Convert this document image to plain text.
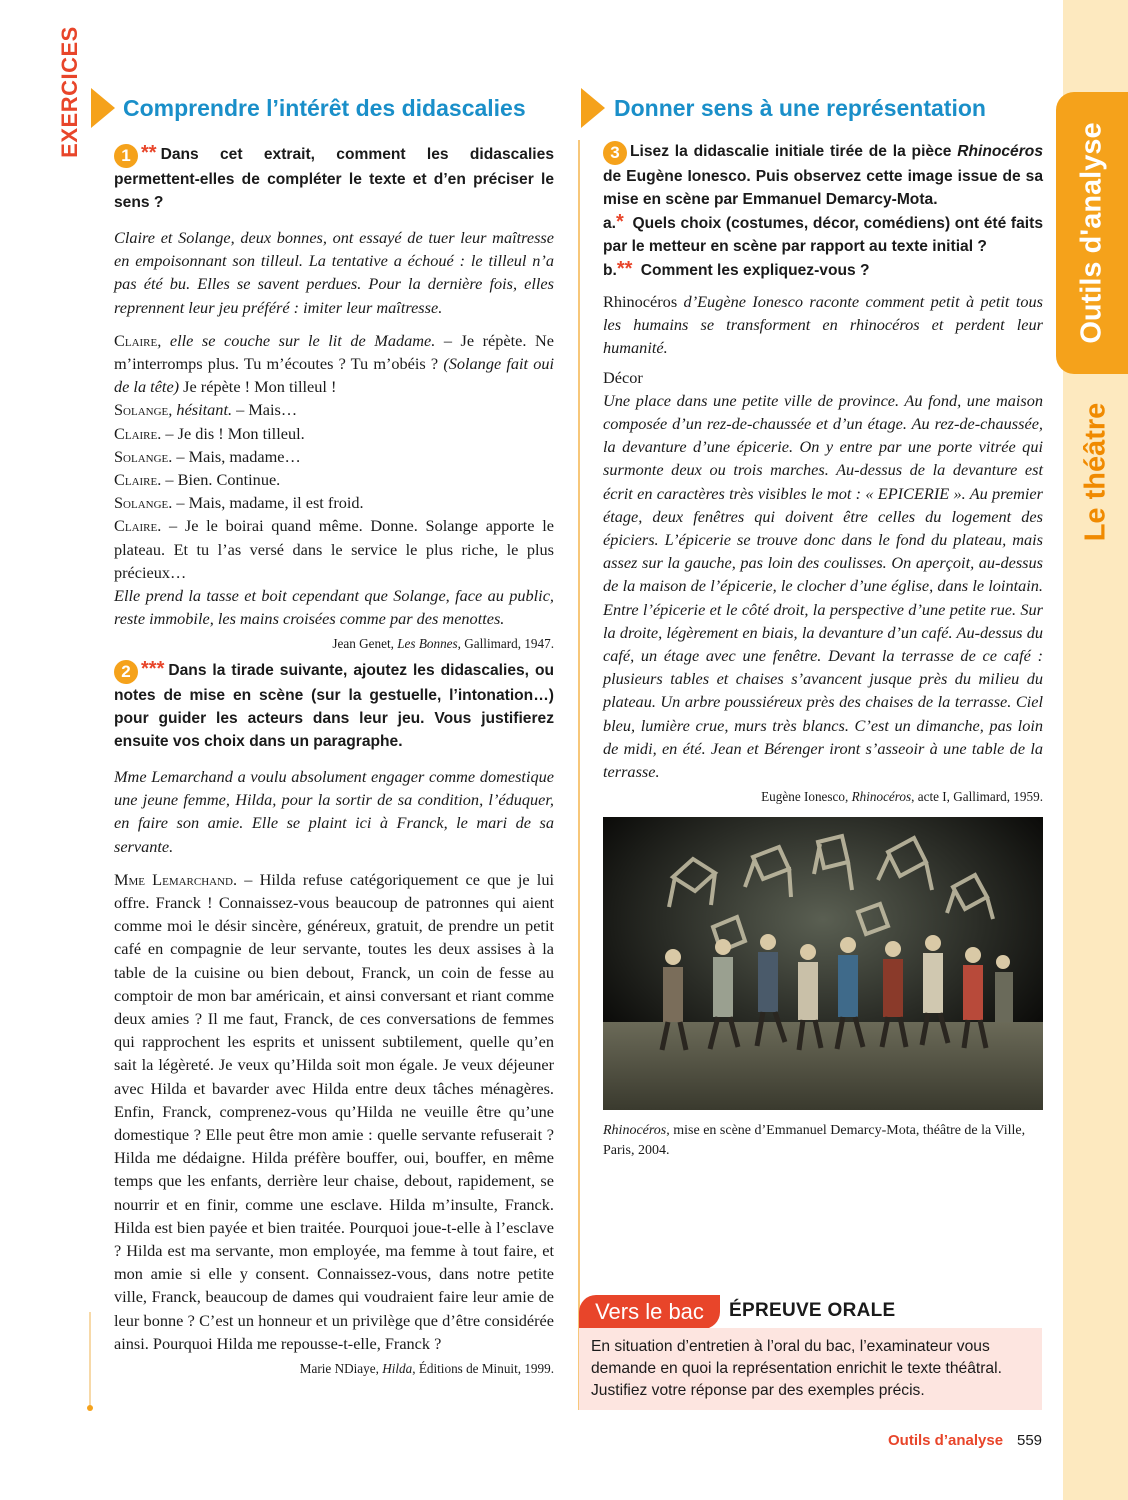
Outils d'analyse
Le théâtre
EXERCICES Comprendre l’intérêt des didascalies	Donner sens à une représentation
1 ** Dans cet extrait, comment les didascalies permettent-elles de compléter le texte et d’en préciser le sens ?
Claire et Solange, deux bonnes, ont essayé de tuer leur maîtresse en empoisonnant son tilleul. La tentative a échoué : le tilleul n’a pas été bu. Elles se savent perdues. Pour la dernière fois, elles reprennent leur jeu préféré : imiter leur maîtresse.

Claire, elle se couche sur le lit de Madame. – Je répète. Ne m’interromps plus. Tu m’écoutes ? Tu m’obéis ? (Solange fait oui de la tête) Je répète ! Mon tilleul !

Solange, hésitant. – Mais…

Claire. – Je dis ! Mon tilleul.

Solange. – Mais, madame…

Claire. – Bien. Continue.

Solange. – Mais, madame, il est froid.

Claire. – Je le boirai quand même. Donne. Solange apporte le plateau. Et tu l’as versé dans le service le plus riche, le plus précieux…

Elle prend la tasse et boit cependant que Solange, face au public, reste immobile, les mains croisées comme par des menottes.

Jean Genet, Les Bonnes, Gallimard, 1947.
2 *** Dans la tirade suivante, ajoutez les didascalies, ou notes de mise en scène (sur la gestuelle, l’intonation…) pour guider les acteurs dans leur jeu. Vous justifierez ensuite vos choix dans un paragraphe.
Mme Lemarchand a voulu absolument engager comme domestique une jeune femme, Hilda, pour la sortir de sa condition, l’éduquer, en faire son amie. Elle se plaint ici à Franck, le mari de sa servante.
Mme Lemarchand. – Hilda refuse catégoriquement ce que je lui offre. Franck ! Connaissez-vous beaucoup de patronnes qui aient comme moi le désir sincère, généreux, gratuit, de prendre un petit café en compagnie de leur servante, toutes les deux assises à la table de la cuisine ou bien debout, Franck, un coin de fesse au comptoir de mon bar américain, et ainsi conversant et riant comme deux amies ? Il me faut, Franck, de ces conversations de femmes qui rapprochent les esprits et unissent subtilement, quelle qu’en sait la légèreté. Je veux qu’Hilda soit mon égale. Je veux déjeuner avec Hilda et bavarder avec Hilda entre deux tâches ménagères. Enfin, Franck, comprenez-vous qu’Hilda ne veuille être qu’une domestique ? Elle peut être mon amie : quelle servante refuserait ? Hilda me dédaigne. Hilda préfère bouffer, oui, bouffer, en même temps que les enfants, derrière leur chaise, debout, rapidement, se nourrir et en finir, comme une esclave. Hilda m’insulte, Franck. Hilda est bien payée et bien traitée. Pourquoi joue-t-elle à l’esclave ? Hilda est ma servante, mon employée, ma femme à tout faire, et mon amie si elle y consent. Connaissez-vous, dans notre petite ville, Franck, beaucoup de dames qui voudraient faire leur amie de leur bonne ? C’est un honneur et un privilège que d’être considérée ainsi. Pourquoi Hilda me repousse-t-elle, Franck ?
Marie NDiaye, Hilda, Éditions de Minuit, 1999.
3 Lisez la didascalie initiale tirée de la pièce Rhinocéros de Eugène Ionesco. Puis observez cette image issue de sa mise en scène par Emmanuel Demarcy-Mota.
a.* Quels choix (costumes, décor, comédiens) ont été faits par le metteur en scène par rapport au texte initial ?
b.** Comment les expliquez-vous ?
Rhinocéros d’Eugène Ionesco raconte comment petit à petit tous les humains se transforment en rhinocéros et perdent leur humanité.

Décor

Une place dans une petite ville de province. Au fond, une maison composée d’un rez-de-chaussée et d’un étage. Au rez-de-chaussée, la devanture d’une épicerie. On y entre par une porte vitrée qui surmonte deux ou trois marches. Au-dessus de la devanture est écrit en caractères très visibles le mot : « EPICERIE ». Au premier étage, deux fenêtres qui doivent être celles du logement des épiciers. L’épicerie se trouve donc dans le fond du plateau, mais assez sur la gauche, pas loin des coulisses. On aperçoit, au-dessus de la maison de l’épicerie, le clocher d’une église, dans le lointain. Entre l’épicerie et le côté droit, la perspective d’une petite rue. Sur la droite, légèrement en biais, la devanture d’un café. Au-dessus du café, un étage avec une fenêtre. Devant la terrasse de ce café : plusieurs tables et chaises s’avancent jusque près du milieu du plateau. Un arbre poussiéreux près des chaises de la terrasse. Ciel bleu, lumière crue, murs très blancs. C’est un dimanche, pas loin de midi, en été. Jean et Bérenger iront s’asseoir à une table de la terrasse.

Eugène Ionesco, Rhinocéros, acte I, Gallimard, 1959.
Rhinocéros, mise en scène d’Emmanuel Demarcy-Mota, théâtre de la Ville, Paris, 2004.
Vers le bac	ÉPREUVE ORALE
En situation d’entretien à l’oral du bac, l’examinateur vous demande en quoi la représentation enrichit le texte théâtral. Justifiez votre réponse par des exemples précis.
Outils d’analyse 559
